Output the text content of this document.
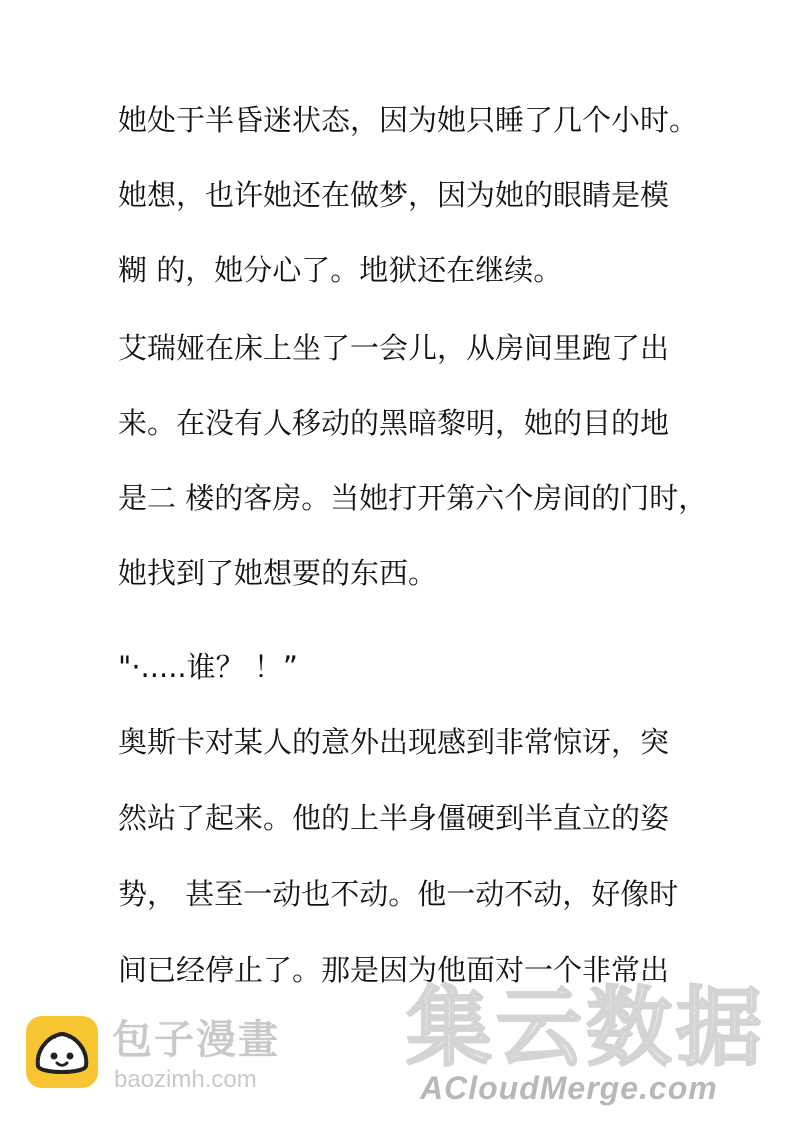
她处于半昏迷状态，因为她只睡了几个小时。
她想，也许她还在做梦，因为她的眼睛是模
糊 的，她分心了。地狱还在继续。
艾瑞娅在床上坐了一会儿，从房间里跑了出
来。在没有人移动的黑暗黎明，她的目的地
是二 楼的客房。当她打开第六个房间的门时，
她找到了她想要的东西。
"·.....谁？ ！”
奥斯卡对某人的意外出现感到非常惊讶，突
然站了起来。他的上半身僵硬到半直立的姿
势， 甚至一动也不动。他一动不动，好像时
间已经停止了。那是因为他面对一个非常出
集云数据
ACloudMerge.com
包子漫畫
baozimh.com
